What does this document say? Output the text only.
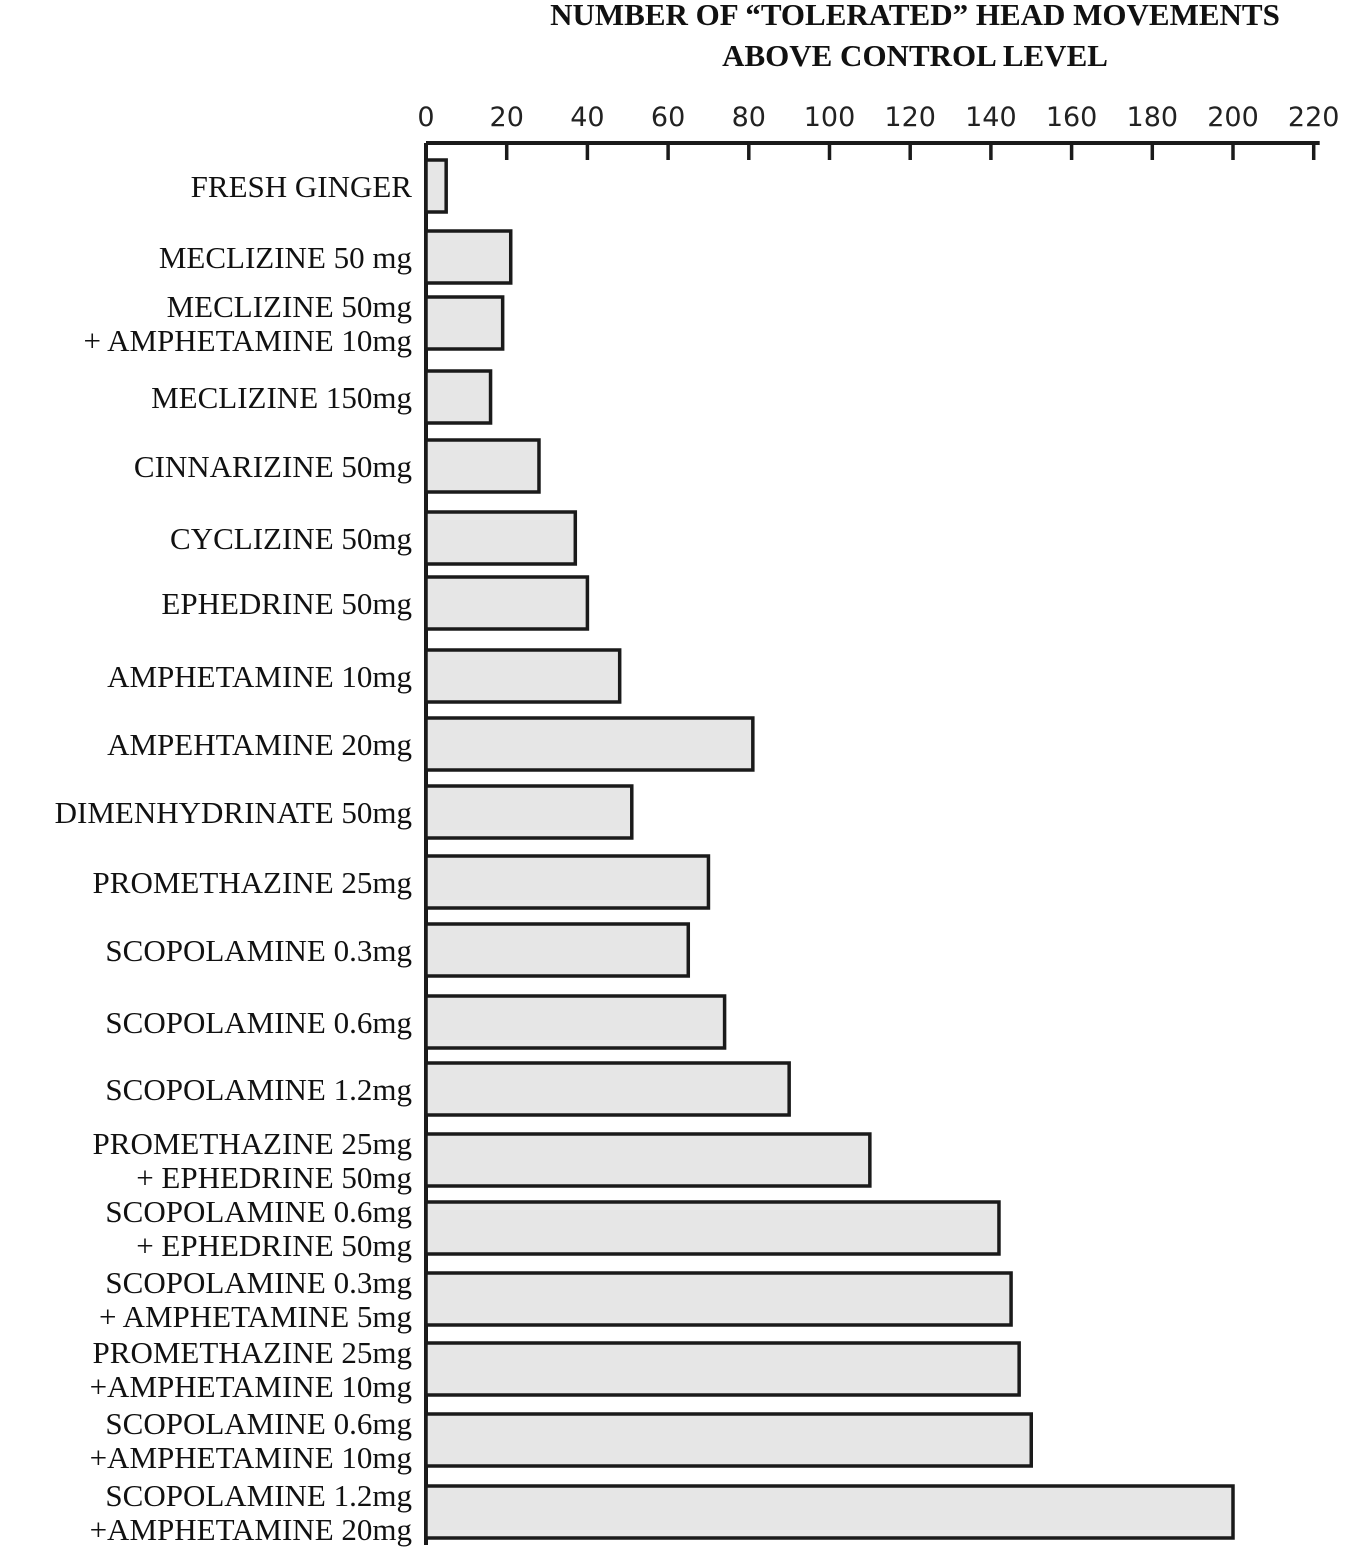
NUMBER OF “TOLERATED” HEAD MOVEMENTS
ABOVE CONTROL LEVEL
0 20 40 60 80 100 120 140 160 180 200 220
FRESH GINGER
MECLIZINE 50 mg
MECLIZINE 50mg
+ AMPHETAMINE 10mg
MECLIZINE 150mg
CINNARIZINE 50mg
CYCLIZINE 50mg
EPHEDRINE 50mg
AMPHETAMINE 10mg
AMPEHTAMINE 20mg
DIMENHYDRINATE 50mg
PROMETHAZINE 25mg
SCOPOLAMINE 0.3mg
SCOPOLAMINE 0.6mg
SCOPOLAMINE 1.2mg
PROMETHAZINE 25mg
+ EPHEDRINE 50mg
SCOPOLAMINE 0.6mg
+ EPHEDRINE 50mg
SCOPOLAMINE 0.3mg
+ AMPHETAMINE 5mg
PROMETHAZINE 25mg
+AMPHETAMINE 10mg
SCOPOLAMINE 0.6mg
+AMPHETAMINE 10mg
SCOPOLAMINE 1.2mg
+AMPHETAMINE 20mg
